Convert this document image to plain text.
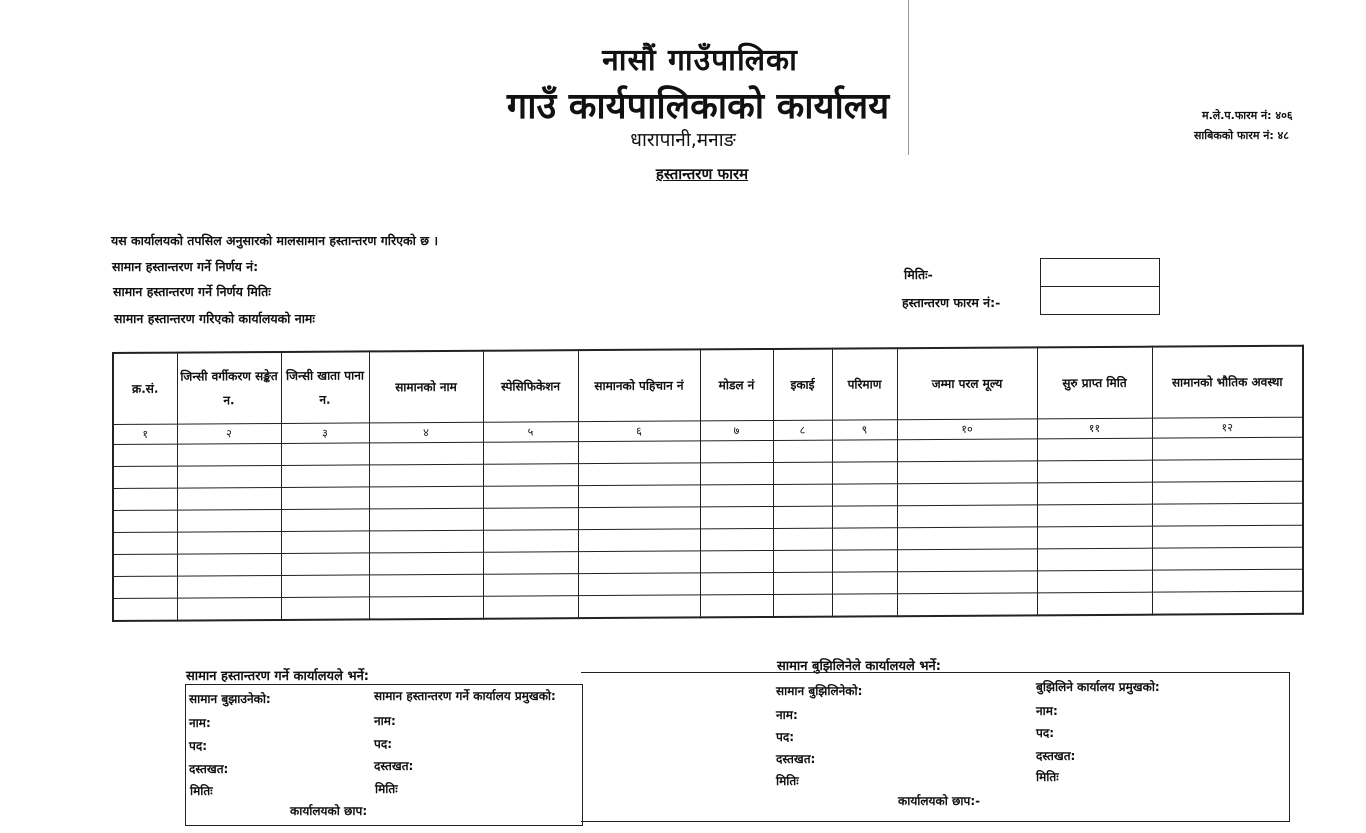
नासौं गाउँपालिका
गाउँ कार्यपालिकाको कार्यालय
धारापानी,मनाङ
हस्तान्तरण फारम
म.ले.प.फारम नं: ४०६
साबिकको फारम नं: ४८
यस कार्यालयको तपसिल अनुसारको मालसामान हस्तान्तरण गरिएको छ ।
सामान हस्तान्तरण गर्ने निर्णय नं:
सामान हस्तान्तरण गर्ने निर्णय मितिः
सामान हस्तान्तरण गरिएको कार्यालयको नामः
मितिः-
हस्तान्तरण फारम नं:-
क्र.सं.	जिन्सी वर्गीकरण सङ्केत न.	जिन्सी खाता पाना न.	सामानको नाम	स्पेसिफिकेशन	सामानको पहिचान नं	मोडल नं	इकाई	परिमाण	जम्मा परल मूल्य	सुरु प्राप्त मिति	सामानको भौतिक अवस्था
१	२	३	४	५	६	७	८	९	१०	११	१२

सामान हस्तान्तरण गर्ने कार्यालयले भर्ने:
सामान बुझाउनेको:	सामान हस्तान्तरण गर्ने कार्यालय प्रमुखको:
नाम:	नाम:
पद:	पद:
दस्तखत:	दस्तखत:
मितिः	मितिः
कार्यालयको छाप:
सामान बुझिलिनेले कार्यालयले भर्ने:
सामान बुझिलिनेको:	बुझिलिने कार्यालय प्रमुखको:
नाम:	नाम:
पद:	पद:
दस्तखत:	दस्तखत:
मितिः	मितिः
कार्यालयको छाप:-
